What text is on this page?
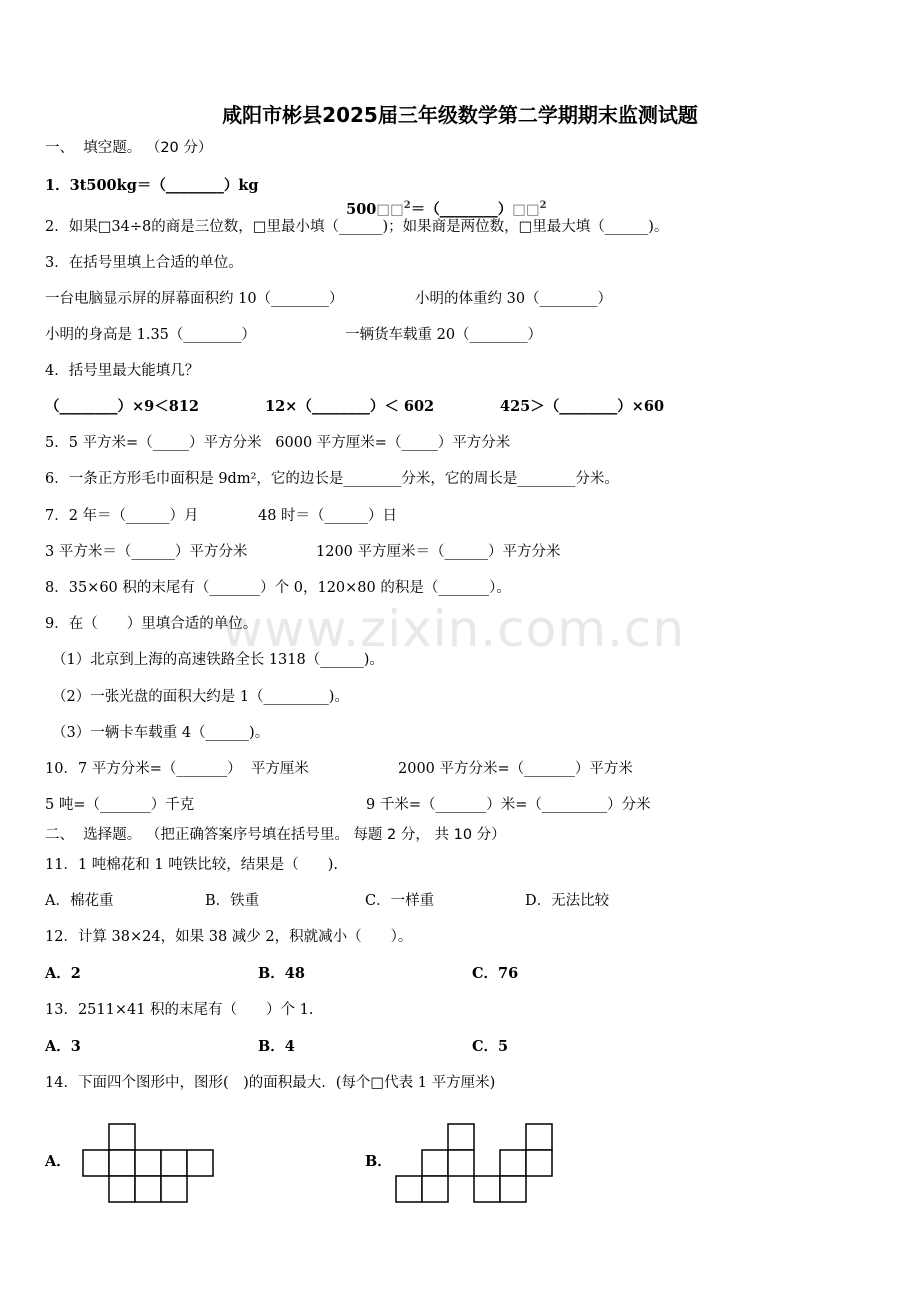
www.zixin.com.cn
咸阳市彬县2025届三年级数学第二学期期末监测试题
一、  填空题。 （20 分）
1．3t500kg＝（________）kg

500□□$^2$＝（________）□□$^2$

2．如果□34÷8的商是三位数，□里最小填（______)；如果商是两位数，□里最大填（______)。
3．在括号里填上合适的单位。
一台电脑显示屏的屏幕面积约 10（________）	小明的体重约 30（________）
小明的身高是 1.35（________）	一辆货车载重 20（________）
4．括号里最大能填几？
（________）×9＜812	12×（________）＜ 602	425＞（________）×60
5．5 平方米=（_____）平方分米   6000 平方厘米=（_____）平方分米
6．一条正方形毛巾面积是 9dm²，它的边长是________分米，它的周长是________分米。
7．2 年＝（______）月	48 时＝（______）日
3 平方米＝（______）平方分米	1200 平方厘米＝（______）平方分米
8．35×60 积的末尾有（_______）个 0，120×80 的积是（_______）。
9．在（　　）里填合适的单位。
（1）北京到上海的高速铁路全长 1318（______)。
（2）一张光盘的面积大约是 1（_________)。
（3）一辆卡车载重 4（______)。
10．7 平方分米=（_______）  平方厘米	2000 平方分米=（_______）平方米
5 吨=（_______）千克	9 千米=（_______）米=（_________）分米
二、  选择题。 （把正确答案序号填在括号里。 每题 2 分， 共 10 分）
11．1 吨棉花和 1 吨铁比较，结果是（　　).
A．棉花重	B．铁重	C．一样重	D．无法比较
12．计算 38×24，如果 38 减少 2，积就减小（　　）。
A．2	B．48	C．76
13．2511×41 积的末尾有（　　）个 1.
A．3	B．4	C．5
14．下面四个图形中，图形(　)的面积最大．(每个□代表 1 平方厘米)
A．	B．
